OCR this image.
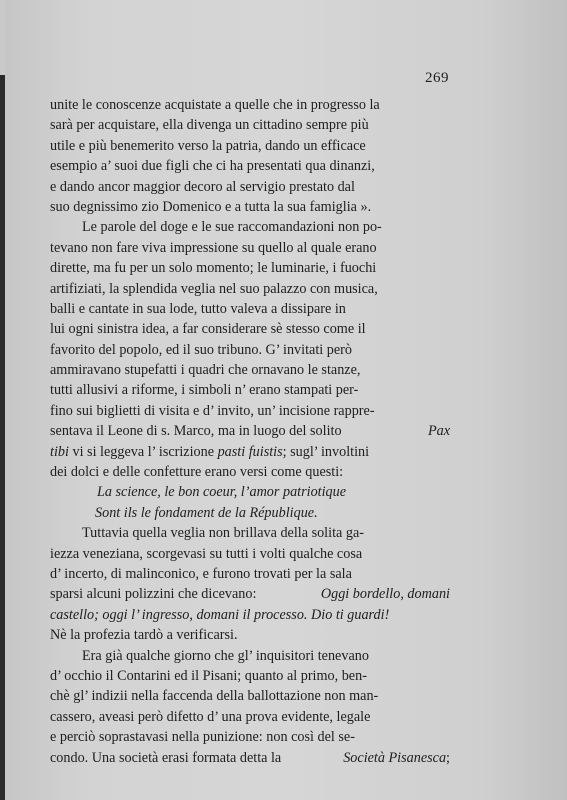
269
unite le conoscenze acquistate a quelle che in progresso la
sarà per acquistare, ella divenga un cittadino sempre più
utile e più benemerito verso la patria, dando un efficace
esempio a’ suoi due figli che ci ha presentati qua dinanzi,
e dando ancor maggior decoro al servigio prestato dal
suo degnissimo zio Domenico e a tutta la sua famiglia ».
Le parole del doge e le sue raccomandazioni non po-
tevano non fare viva impressione su quello al quale erano
dirette, ma fu per un solo momento; le luminarie, i fuochi
artifiziati, la splendida veglia nel suo palazzo con musica,
balli e cantate in sua lode, tutto valeva a dissipare in
lui ogni sinistra idea, a far considerare sè stesso come il
favorito del popolo, ed il suo tribuno. G’ invitati però
ammiravano stupefatti i quadri che ornavano le stanze,
tutti allusivi a riforme, i simboli n’ erano stampati per-
fino sui biglietti di visita e d’ invito, un’ incisione rappre-
sentava il Leone di s. Marco, ma in luogo del solito	Pax
tibi
vi si leggeva l’ iscrizione
pasti fuistis ; sugl’ involtini
dei dolci e delle confetture erano versi come questi:
La science, le bon coeur, l’amor patriotique
Sont ils le fondament de la République.
Tuttavia quella veglia non brillava della solita ga-
iezza veneziana, scorgevasi su tutti i volti qualche cosa
d’ incerto, di malinconico, e furono trovati per la sala
sparsi alcuni polizzini che dicevano:	Oggi bordello, domani
castello; oggi l’ ingresso, domani il processo. Dio ti guardi!
Nè la profezia tardò a verificarsi.
Era già qualche giorno che gl’ inquisitori tenevano
d’ occhio il Contarini ed il Pisani; quanto al primo, ben-
chè gl’ indizii nella faccenda della ballottazione non man-
cassero, aveasi però difetto d’ una prova evidente, legale
e perciò soprastavasi nella punizione: non così del se-
condo. Una società erasi formata detta la	Società Pisanesca;
